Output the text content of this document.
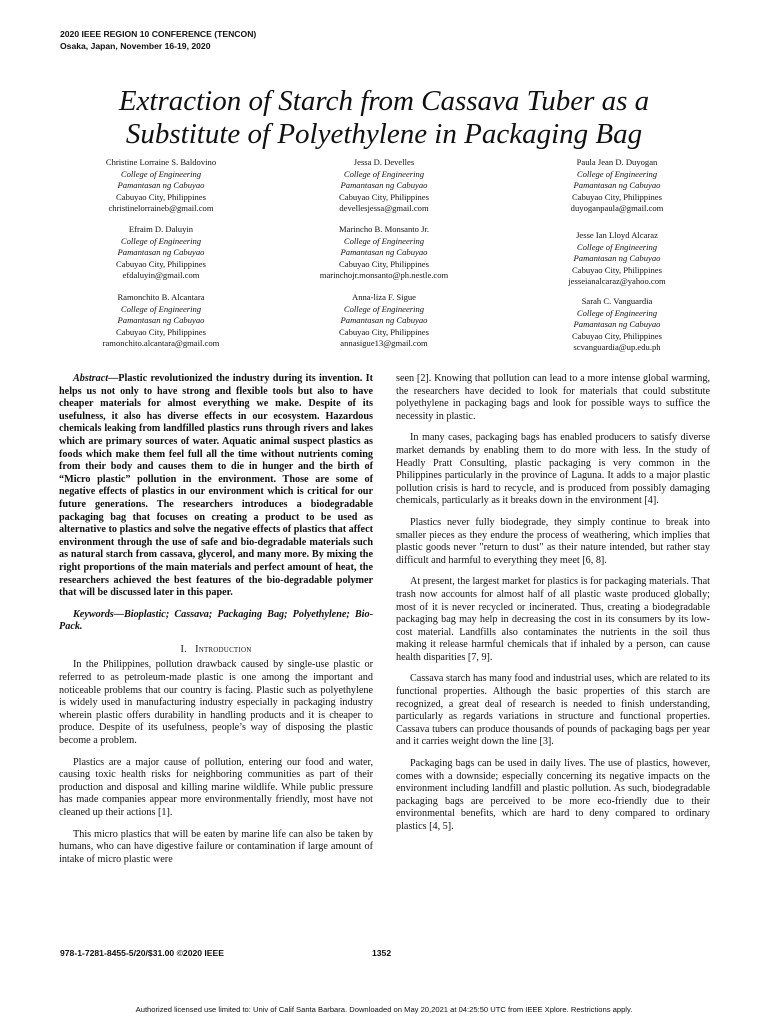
2020 IEEE REGION 10 CONFERENCE (TENCON)
Osaka, Japan, November 16-19, 2020
Extraction of Starch from Cassava Tuber as a
Substitute of Polyethylene in Packaging Bag
Christine Lorraine S. Baldovino
College of Engineering
Pamantasan ng Cabuyao
Cabuyao City, Philippines
christinelorraineb@gmail.com
Jessa D. Develles
College of Engineering
Pamantasan ng Cabuyao
Cabuyao City, Philippines
devellesjessa@gmail.com
Paula Jean D. Duyogan
College of Engineering
Pamantasan ng Cabuyao
Cabuyao City, Philippines
duyoganpaula@gmail.com
Efraim D. Daluyin
College of Engineering
Pamantasan ng Cabuyao
Cabuyao City, Philippines
efdaluyin@gmail.com
Marincho B. Monsanto Jr.
College of Engineering
Pamantasan ng Cabuyao
Cabuyao City, Philippines
marinchojr.monsanto@ph.nestle.com
Jesse Ian Lloyd Alcaraz
College of Engineering
Pamantasan ng Cabuyao
Cabuyao City, Philippines
jesseianalcaraz@yahoo.com
Ramonchito B. Alcantara
College of Engineering
Pamantasan ng Cabuyao
Cabuyao City, Philippines
ramonchito.alcantara@gmail.com
Anna-liza F. Sigue
College of Engineering
Pamantasan ng Cabuyao
Cabuyao City, Philippines
annasigue13@gmail.com
Sarah C. Vanguardia
College of Engineering
Pamantasan ng Cabuyao
Cabuyao City, Philippines
scvanguardia@up.edu.ph

Abstract—Plastic revolutionized the industry during its invention. It helps us not only to have strong and flexible tools but also to have cheaper materials for almost everything we make. Despite of its usefulness, it also has diverse effects in our ecosystem. Hazardous chemicals leaking from landfilled plastics runs through rivers and lakes which are primary sources of water. Aquatic animal suspect plastics as foods which make them feel full all the time without nutrients coming from their body and causes them to die in hunger and the birth of “Micro plastic” pollution in the environment. Those are some of negative effects of plastics in our environment which is critical for our future generations. The researchers introduces a biodegradable packaging bag that focuses on creating a product to be used as alternative to plastics and solve the negative effects of plastics that affect environment through the use of safe and bio-degradable materials such as natural starch from cassava, glycerol, and many more. By mixing the right proportions of the main materials and perfect amount of heat, the researchers achieved the best features of the bio-degradable polymer that will be discussed later in this paper.

Keywords—Bioplastic; Cassava; Packaging Bag; Polyethylene; Bio-Pack.

I. Introduction

In the Philippines, pollution drawback caused by single-use plastic or referred to as petroleum-made plastic is one among the important and noticeable problems that our country is facing. Plastic such as polyethylene is widely used in manufacturing industry especially in packaging industry wherein plastic offers durability in handling products and it is cheaper to produce. Despite of its usefulness, people’s way of disposing the plastic become a problem.

Plastics are a major cause of pollution, entering our food and water, causing toxic health risks for neighboring communities as part of their production and disposal and killing marine wildlife. While public pressure has made companies appear more environmentally friendly, most have not cleaned up their actions [1].

This micro plastics that will be eaten by marine life can also be taken by humans, who can have digestive failure or contamination if large amount of intake of micro plastic were

seen [2]. Knowing that pollution can lead to a more intense global warming, the researchers have decided to look for materials that could substitute polyethylene in packaging bags and look for possible ways to suffice the necessity in plastic.

In many cases, packaging bags has enabled producers to satisfy diverse market demands by enabling them to do more with less. In the study of Headly Pratt Consulting, plastic packaging is very common in the Philippines particularly in the province of Laguna. It adds to a major plastic pollution crisis is hard to recycle, and is produced from possibly damaging chemicals, particularly as it breaks down in the environment [4].

Plastics never fully biodegrade, they simply continue to break into smaller pieces as they endure the process of weathering, which implies that plastic goods never "return to dust" as their nature intended, but rather stay difficult and harmful to everything they meet [6, 8].

At present, the largest market for plastics is for packaging materials. That trash now accounts for almost half of all plastic waste produced globally; most of it is never recycled or incinerated. Thus, creating a biodegradable packaging bag may help in decreasing the cost in its consumers by its low-cost material. Landfills also contaminates the nutrients in the soil thus making it release harmful chemicals that if inhaled by a person, can cause health disparities [7, 9].

Cassava starch has many food and industrial uses, which are related to its functional properties. Although the basic properties of this starch are recognized, a great deal of research is needed to finish understanding, particularly as regards variations in structure and functional properties. Cassava tubers can produce thousands of pounds of packaging bags per year and it carries weight down the line [3].

Packaging bags can be used in daily lives. The use of plastics, however, comes with a downside; especially concerning its negative impacts on the environment including landfill and plastic pollution. As such, biodegradable packaging bags are perceived to be more eco-friendly due to their environmental benefits, which are hard to deny compared to ordinary plastics [4, 5].

978-1-7281-8455-5/20/$31.00 ©2020 IEEE	1352
Authorized licensed use limited to: Univ of Calif Santa Barbara. Downloaded on May 20,2021 at 04:25:50 UTC from IEEE Xplore. Restrictions apply.
